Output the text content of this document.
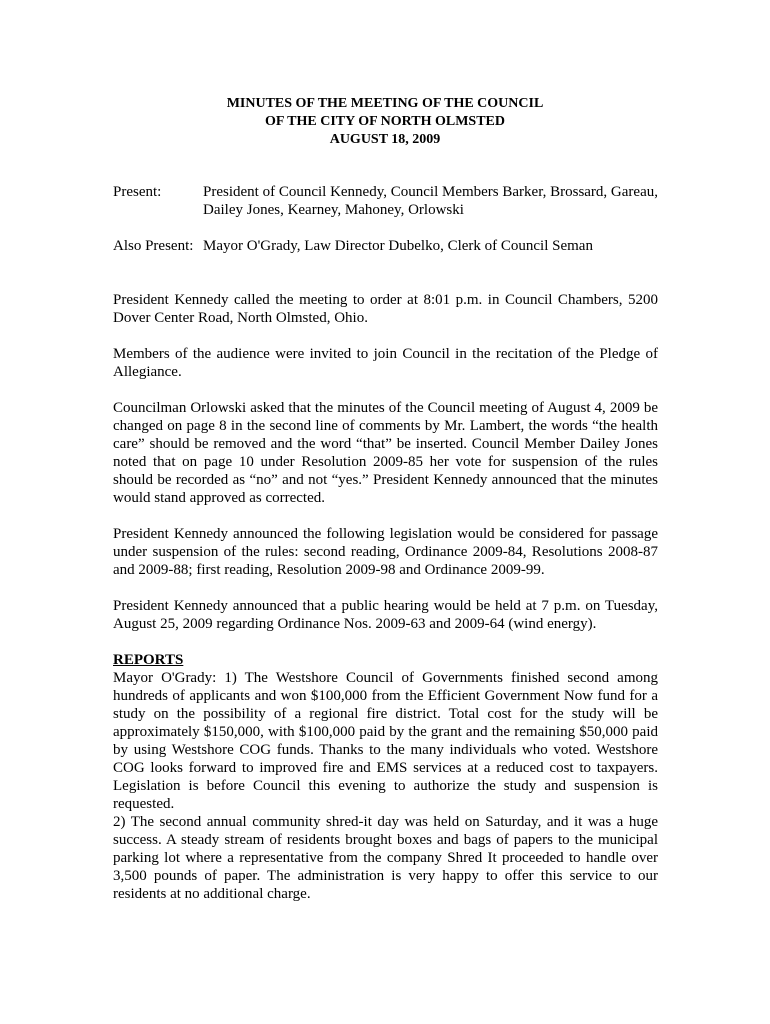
MINUTES OF THE MEETING OF THE COUNCIL
OF THE CITY OF NORTH OLMSTED
AUGUST 18, 2009
Present:	President of Council Kennedy, Council Members Barker, Brossard, Gareau, Dailey Jones, Kearney, Mahoney, Orlowski
Also Present: Mayor O'Grady, Law Director Dubelko, Clerk of Council Seman

President Kennedy called the meeting to order at 8:01 p.m. in Council Chambers, 5200 Dover Center Road, North Olmsted, Ohio.

Members of the audience were invited to join Council in the recitation of the Pledge of Allegiance.

Councilman Orlowski asked that the minutes of the Council meeting of August 4, 2009 be changed on page 8 in the second line of comments by Mr. Lambert, the words “the health care” should be removed and the word “that” be inserted. Council Member Dailey Jones noted that on page 10 under Resolution 2009-85 her vote for suspension of the rules should be recorded as “no” and not “yes.” President Kennedy announced that the minutes would stand approved as corrected.

President Kennedy announced the following legislation would be considered for passage under suspension of the rules: second reading, Ordinance 2009-84, Resolutions 2008-87 and 2009-88; first reading, Resolution 2009-98 and Ordinance 2009-99.

President Kennedy announced that a public hearing would be held at 7 p.m. on Tuesday, August 25, 2009 regarding Ordinance Nos. 2009-63 and 2009-64 (wind energy).

REPORTS

Mayor O'Grady: 1) The Westshore Council of Governments finished second among hundreds of applicants and won $100,000 from the Efficient Government Now fund for a study on the possibility of a regional fire district. Total cost for the study will be approximately $150,000, with $100,000 paid by the grant and the remaining $50,000 paid by using Westshore COG funds. Thanks to the many individuals who voted. Westshore COG looks forward to improved fire and EMS services at a reduced cost to taxpayers. Legislation is before Council this evening to authorize the study and suspension is requested.

2) The second annual community shred-it day was held on Saturday, and it was a huge success. A steady stream of residents brought boxes and bags of papers to the municipal parking lot where a representative from the company Shred It proceeded to handle over 3,500 pounds of paper. The administration is very happy to offer this service to our residents at no additional charge.
